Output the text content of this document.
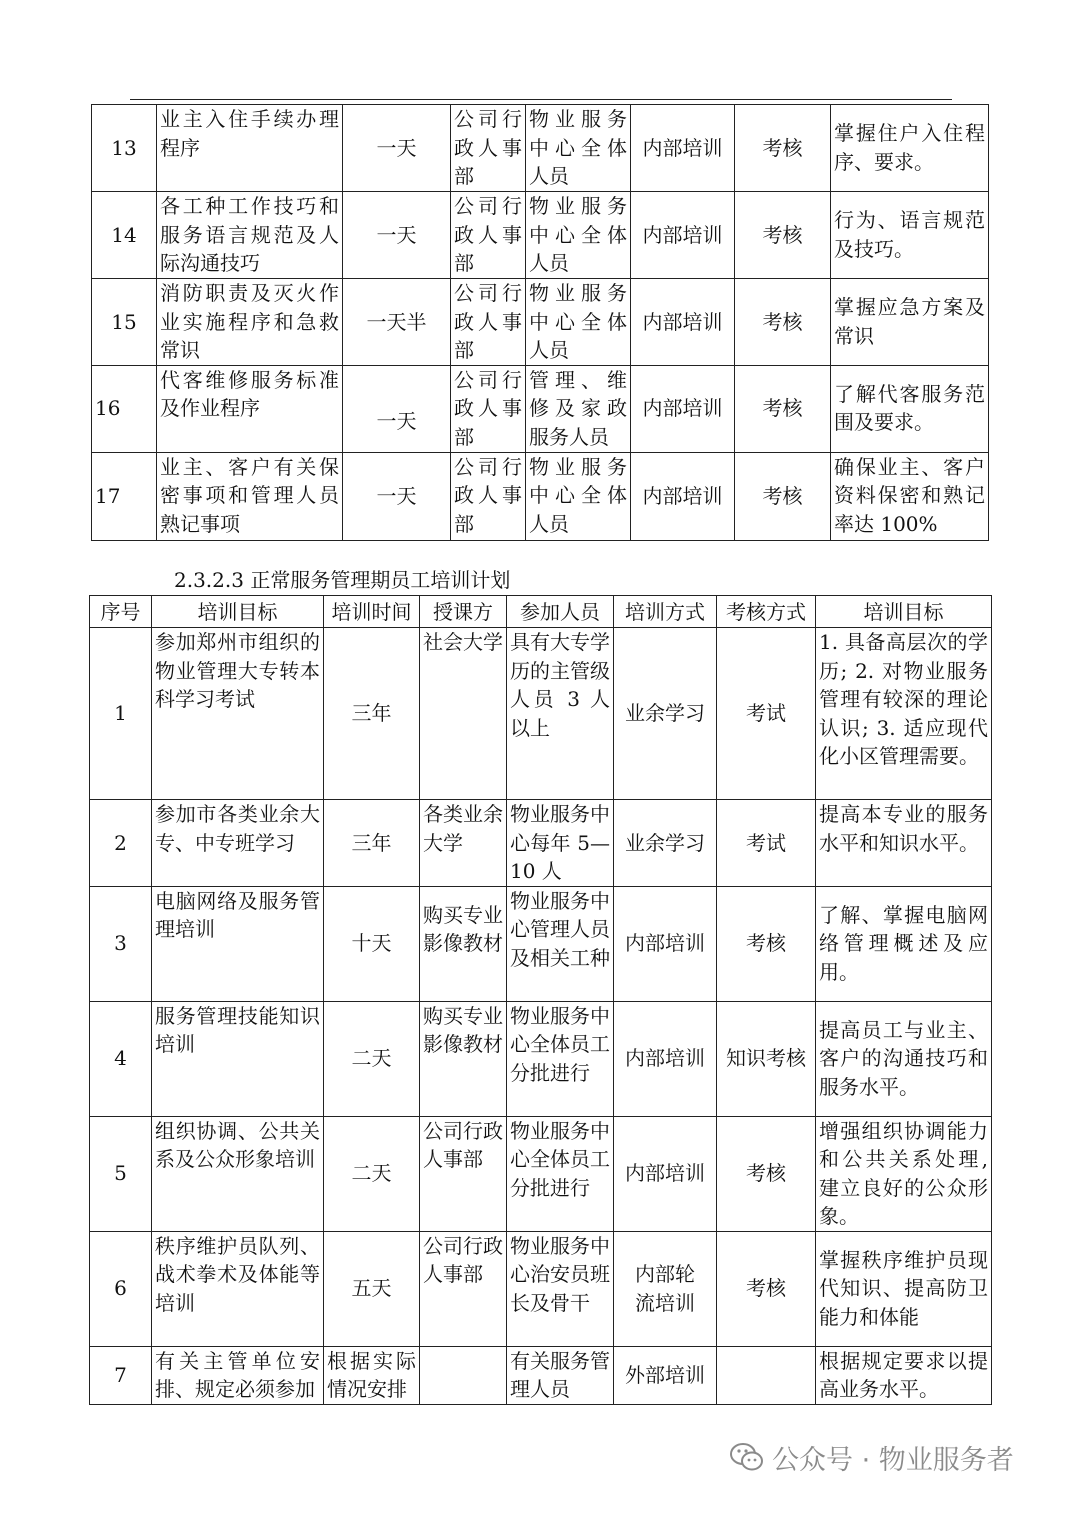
13	业主入住手续办理程序	一天	公司行政人事部	物业服务中心全体人员	内部培训	考核	掌握住户入住程序、要求。
14	各工种工作技巧和服务语言规范及人际沟通技巧	一天	公司行政人事部	物业服务中心全体人员	内部培训	考核	行为、语言规范及技巧。
15	消防职责及灭火作业实施程序和急救常识	一天半	公司行政人事部	物业服务中心全体人员	内部培训	考核	掌握应急方案及常识
16	代客维修服务标准及作业程序	一天	公司行政人事部	管理、维修及家政服务人员	内部培训	考核	了解代客服务范围及要求。
17	业主、客户有关保密事项和管理人员熟记事项	一天	公司行政人事部	物业服务中心全体人员	内部培训	考核	确保业主、客户资料保密和熟记率达 100%
2.3.2.3 正常服务管理期员工培训计划
序号	培训目标	培训时间	授课方	参加人员	培训方式	考核方式	培训目标
1	参加郑州市组织的物业管理大专转本科学习考试	三年	社会大学	具有大专学历的主管级人员 3 人以上	业余学习	考试	1. 具备高层次的学历; 2. 对物业服务管理有较深的理论认识; 3. 适应现代化小区管理需要。
2	参加市各类业余大专、中专班学习	三年	各类业余大学	物业服务中心每年 5—10 人	业余学习	考试	提高本专业的服务水平和知识水平。
3	电脑网络及服务管理培训	十天	购买专业影像教材	物业服务中心管理人员及相关工种	内部培训	考核	了解、掌握电脑网络管理概述及应用。
4	服务管理技能知识培训	二天	购买专业影像教材	物业服务中心全体员工分批进行	内部培训	知识考核	提高员工与业主、客户的沟通技巧和服务水平。
5	组织协调、公共关系及公众形象培训	二天	公司行政人事部	物业服务中心全体员工分批进行	内部培训	考核	增强组织协调能力和公共关系处理, 建立良好的公众形象。
6	秩序维护员队列、战术拳术及体能等培训	五天	公司行政人事部	物业服务中心治安员班长及骨干	内部轮流培训	考核	掌握秩序维护员现代知识、提高防卫能力和体能
7	有关主管单位安排、规定必须参加	根据实际情况安排		有关服务管理人员	外部培训		根据规定要求以提高业务水平。
公众号 · 物业服务者
